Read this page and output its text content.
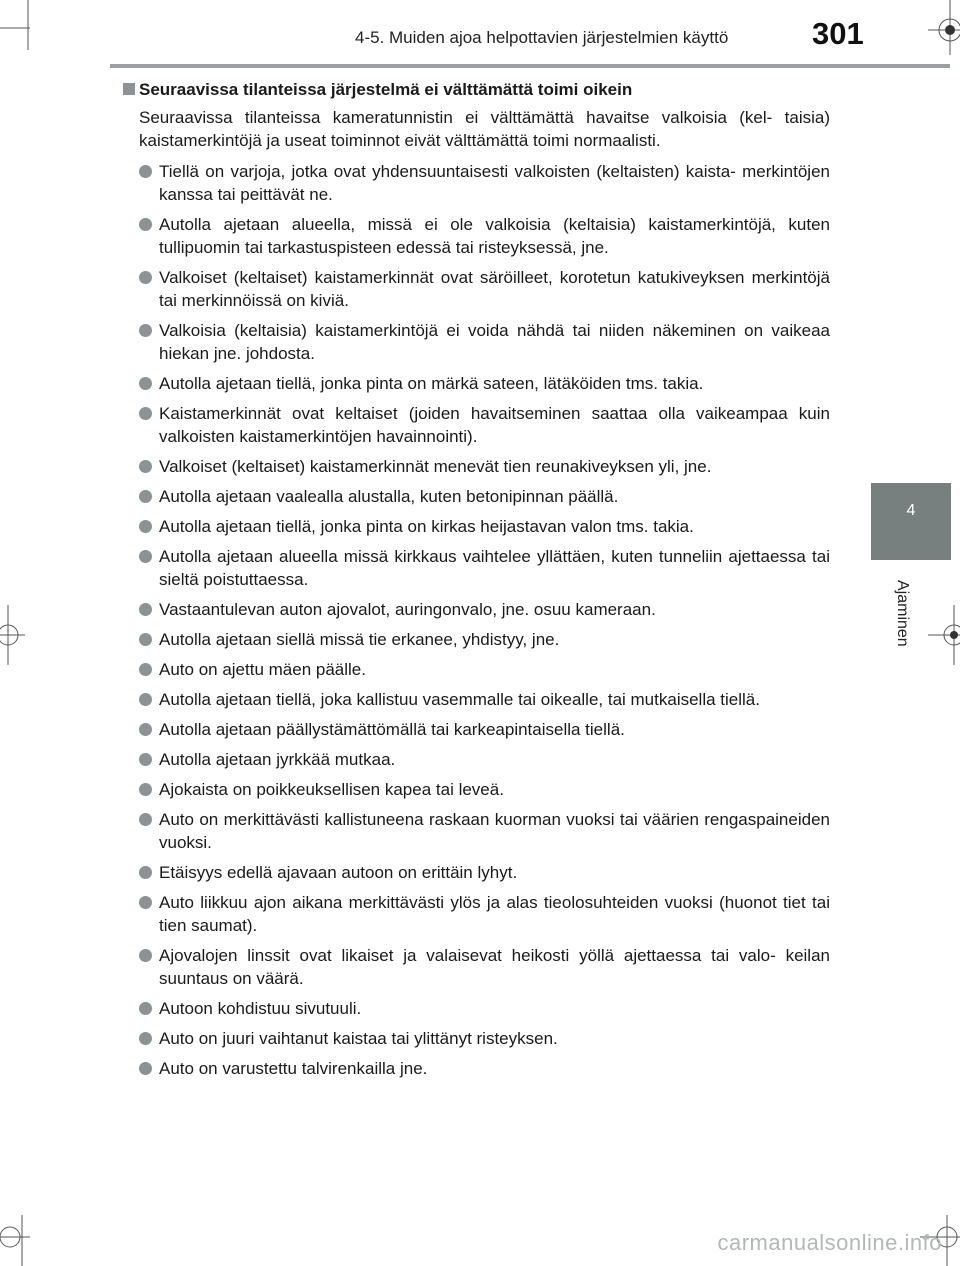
4-5. Muiden ajoa helpottavien järjestelmien käyttö	301
4
Ajaminen
Seuraavissa tilanteissa järjestelmä ei välttämättä toimi oikein

Seuraavissa tilanteissa kameratunnistin ei välttämättä havaitse valkoisia (kel- taisia) kaistamerkintöjä ja useat toiminnot eivät välttämättä toimi normaalisti.

Tiellä on varjoja, jotka ovat yhdensuuntaisesti valkoisten (keltaisten) kaista- merkintöjen kanssa tai peittävät ne.
Autolla ajetaan alueella, missä ei ole valkoisia (keltaisia) kaistamerkintöjä, kuten tullipuomin tai tarkastuspisteen edessä tai risteyksessä, jne.
Valkoiset (keltaiset) kaistamerkinnät ovat säröilleet, korotetun katukiveyksen merkintöjä tai merkinnöissä on kiviä.
Valkoisia (keltaisia) kaistamerkintöjä ei voida nähdä tai niiden näkeminen on vaikeaa hiekan jne. johdosta.
Autolla ajetaan tiellä, jonka pinta on märkä sateen, lätäköiden tms. takia.
Kaistamerkinnät ovat keltaiset (joiden havaitseminen saattaa olla vaikeampaa kuin valkoisten kaistamerkintöjen havainnointi).
Valkoiset (keltaiset) kaistamerkinnät menevät tien reunakiveyksen yli, jne.
Autolla ajetaan vaalealla alustalla, kuten betonipinnan päällä.
Autolla ajetaan tiellä, jonka pinta on kirkas heijastavan valon tms. takia.
Autolla ajetaan alueella missä kirkkaus vaihtelee yllättäen, kuten tunneliin ajettaessa tai sieltä poistuttaessa.
Vastaantulevan auton ajovalot, auringonvalo, jne. osuu kameraan.
Autolla ajetaan siellä missä tie erkanee, yhdistyy, jne.
Auto on ajettu mäen päälle.
Autolla ajetaan tiellä, joka kallistuu vasemmalle tai oikealle, tai mutkaisella tiellä.
Autolla ajetaan päällystämättömällä tai karkeapintaisella tiellä.
Autolla ajetaan jyrkkää mutkaa.
Ajokaista on poikkeuksellisen kapea tai leveä.
Auto on merkittävästi kallistuneena raskaan kuorman vuoksi tai väärien rengaspaineiden vuoksi.
Etäisyys edellä ajavaan autoon on erittäin lyhyt.
Auto liikkuu ajon aikana merkittävästi ylös ja alas tieolosuhteiden vuoksi (huonot tiet tai tien saumat).
Ajovalojen linssit ovat likaiset ja valaisevat heikosti yöllä ajettaessa tai valo- keilan suuntaus on väärä.
Autoon kohdistuu sivutuuli.
Auto on juuri vaihtanut kaistaa tai ylittänyt risteyksen.
Auto on varustettu talvirenkailla jne.
carmanualsonline.info
